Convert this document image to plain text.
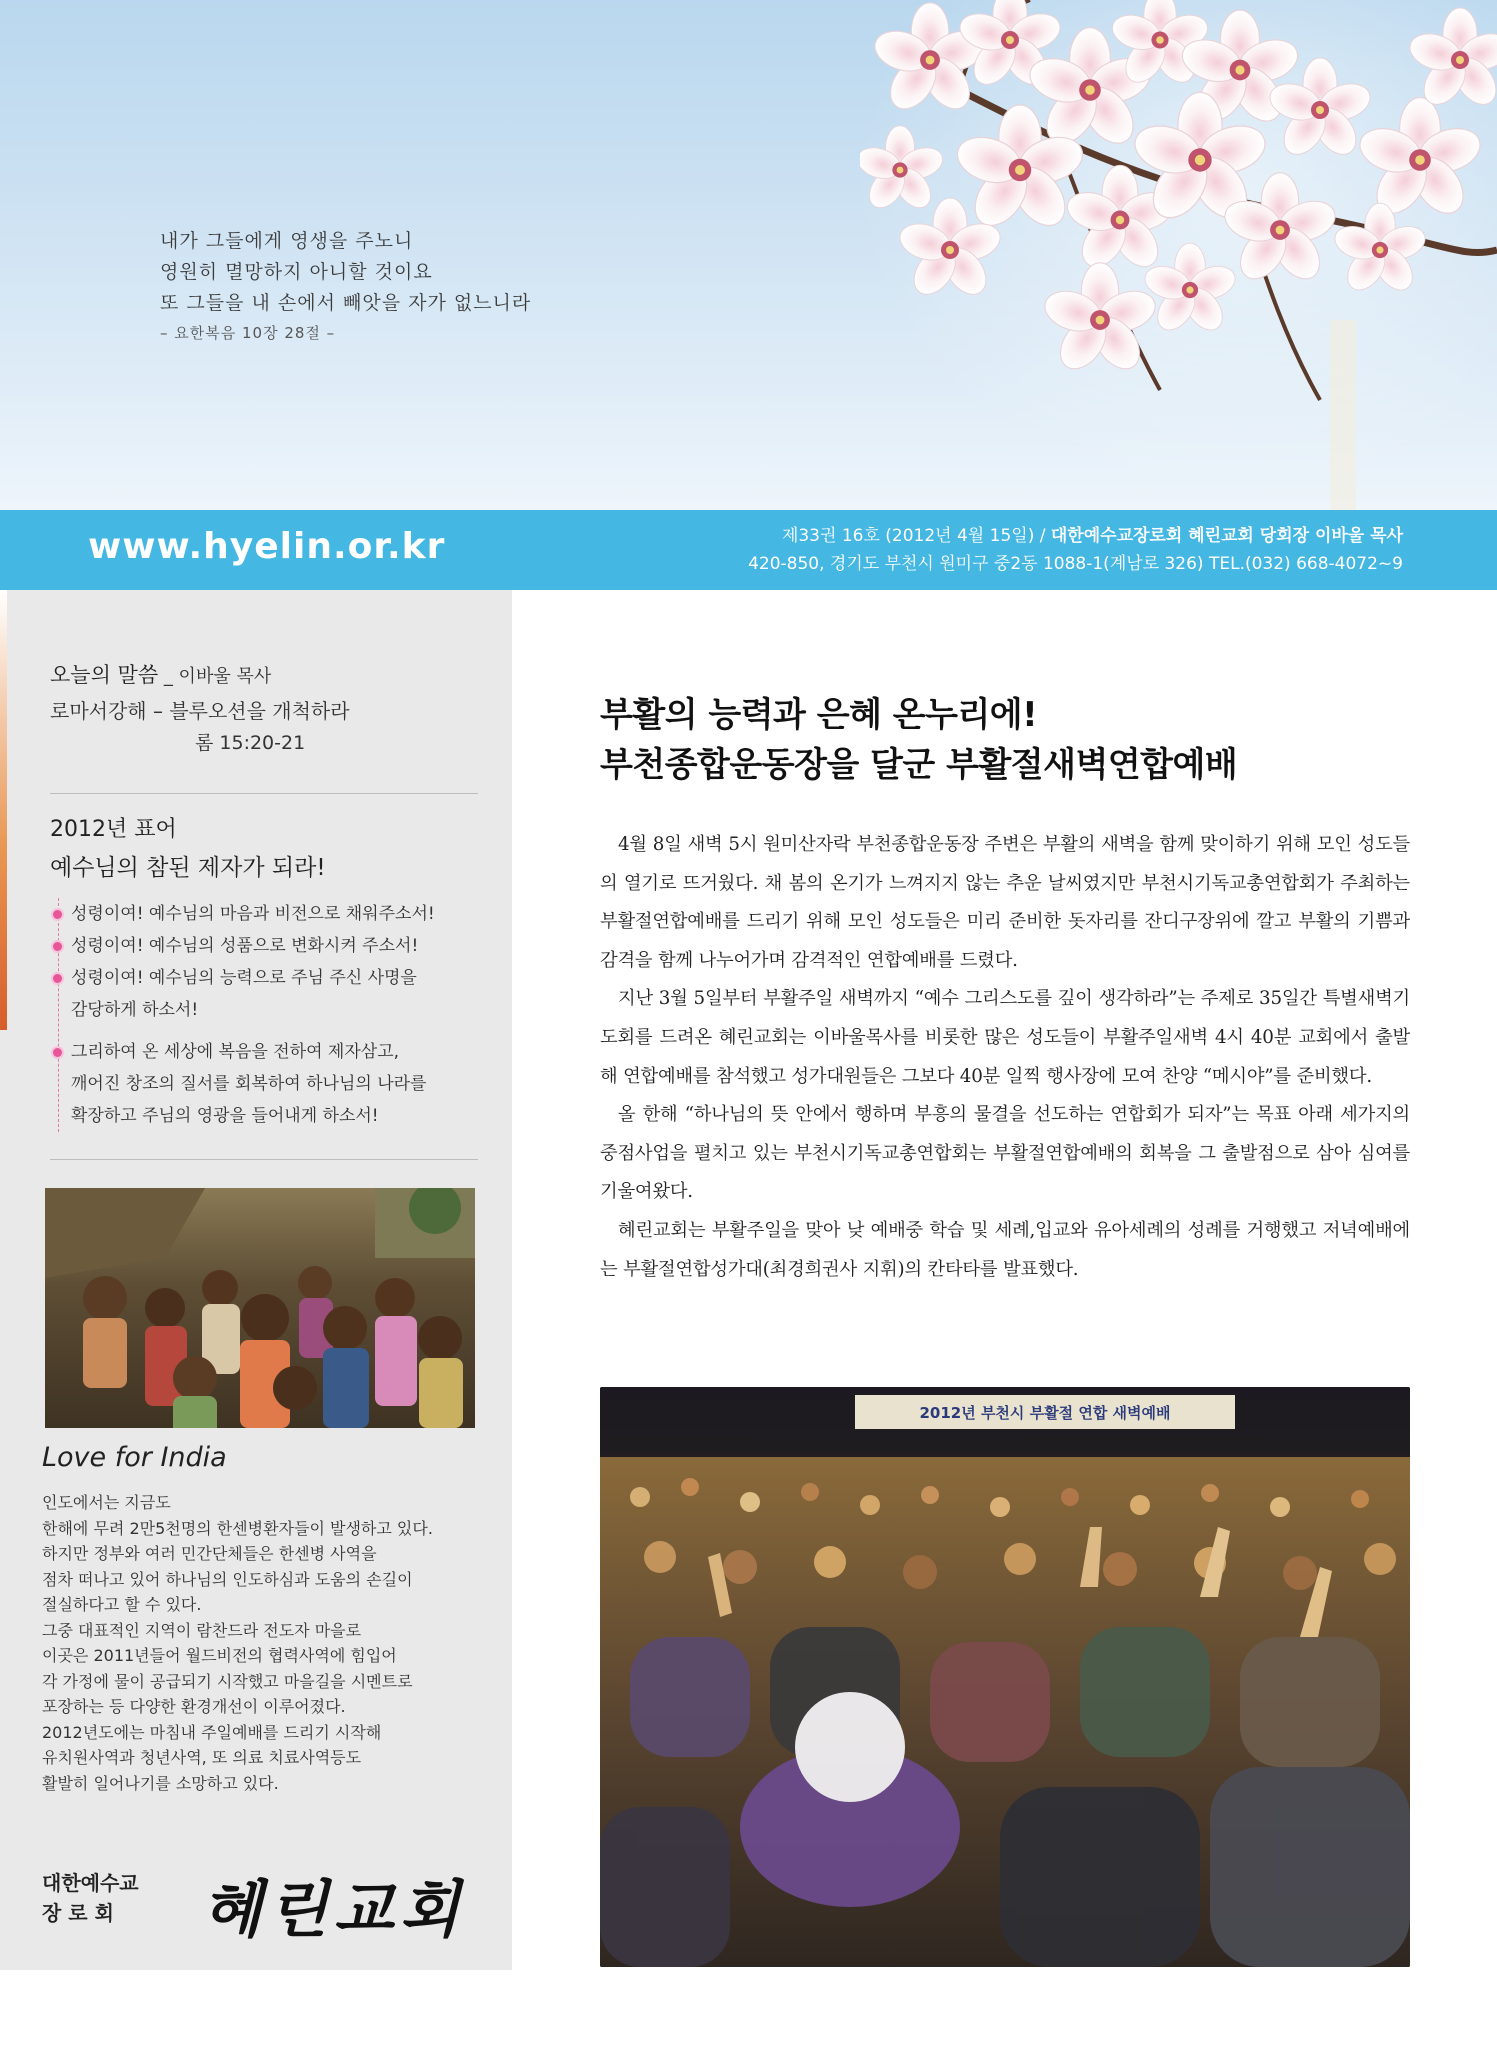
내가 그들에게 영생을 주노니
영원히 멸망하지 아니할 것이요
또 그들을 내 손에서 빼앗을 자가 없느니라
– 요한복음 10장 28절 –
www.hyelin.or.kr	제33권 16호 (2012년 4월 15일) / 대한예수교장로회 혜린교회 당회장 이바울 목사
420-850, 경기도 부천시 원미구 중2동 1088-1(계남로 326) TEL.(032) 668-4072~9
오늘의 말씀 _ 이바울 목사
로마서강해 – 블루오션을 개척하라
롬 15:20-21
2012년 표어
예수님의 참된 제자가 되라!
성령이여! 예수님의 마음과 비전으로 채워주소서!
성령이여! 예수님의 성품으로 변화시켜 주소서!
성령이여! 예수님의 능력으로 주님 주신 사명을
감당하게 하소서!
그리하여 온 세상에 복음을 전하여 제자삼고,
깨어진 창조의 질서를 회복하여 하나님의 나라를
확장하고 주님의 영광을 들어내게 하소서!
Love for India
인도에서는 지금도
한해에 무려 2만5천명의 한센병환자들이 발생하고 있다.
하지만 정부와 여러 민간단체들은 한센병 사역을
점차 떠나고 있어 하나님의 인도하심과 도움의 손길이
절실하다고 할 수 있다.
그중 대표적인 지역이 람찬드라 전도자 마을로
이곳은 2011년들어 월드비전의 협력사역에 힘입어
각 가정에 물이 공급되기 시작했고 마을길을 시멘트로
포장하는 등 다양한 환경개선이 이루어졌다.
2012년도에는 마침내 주일예배를 드리기 시작해
유치원사역과 청년사역, 또 의료 치료사역등도
활발히 일어나기를 소망하고 있다.
대한예수교
장 로 회	혜린교회
부활의 능력과 은혜 온누리에!
부천종합운동장을 달군 부활절새벽연합예배

4월 8일 새벽 5시 원미산자락 부천종합운동장 주변은 부활의 새벽을 함께 맞이하기 위해 모인 성도들의 열기로 뜨거웠다. 채 봄의 온기가 느껴지지 않는 추운 날씨였지만 부천시기독교총연합회가 주최하는 부활절연합예배를 드리기 위해 모인 성도들은 미리 준비한 돗자리를 잔디구장위에 깔고 부활의 기쁨과 감격을 함께 나누어가며 감격적인 연합예배를 드렸다.

지난 3월 5일부터 부활주일 새벽까지 “예수 그리스도를 깊이 생각하라”는 주제로 35일간 특별새벽기도회를 드려온 혜린교회는 이바울목사를 비롯한 많은 성도들이 부활주일새벽 4시 40분 교회에서 출발해 연합예배를 참석했고 성가대원들은 그보다 40분 일찍 행사장에 모여 찬양 “메시야”를 준비했다.

올 한해 “하나님의 뜻 안에서 행하며 부흥의 물결을 선도하는 연합회가 되자”는 목표 아래 세가지의 중점사업을 펼치고 있는 부천시기독교총연합회는 부활절연합예배의 회복을 그 출발점으로 삼아 심여를 기울여왔다.

혜린교회는 부활주일을 맞아 낮 예배중 학습 및 세례,입교와 유아세례의 성례를 거행했고 저녁예배에는 부활절연합성가대(최경희권사 지휘)의 칸타타를 발표했다.

2012년 부천시 부활절 연합 새벽예배
